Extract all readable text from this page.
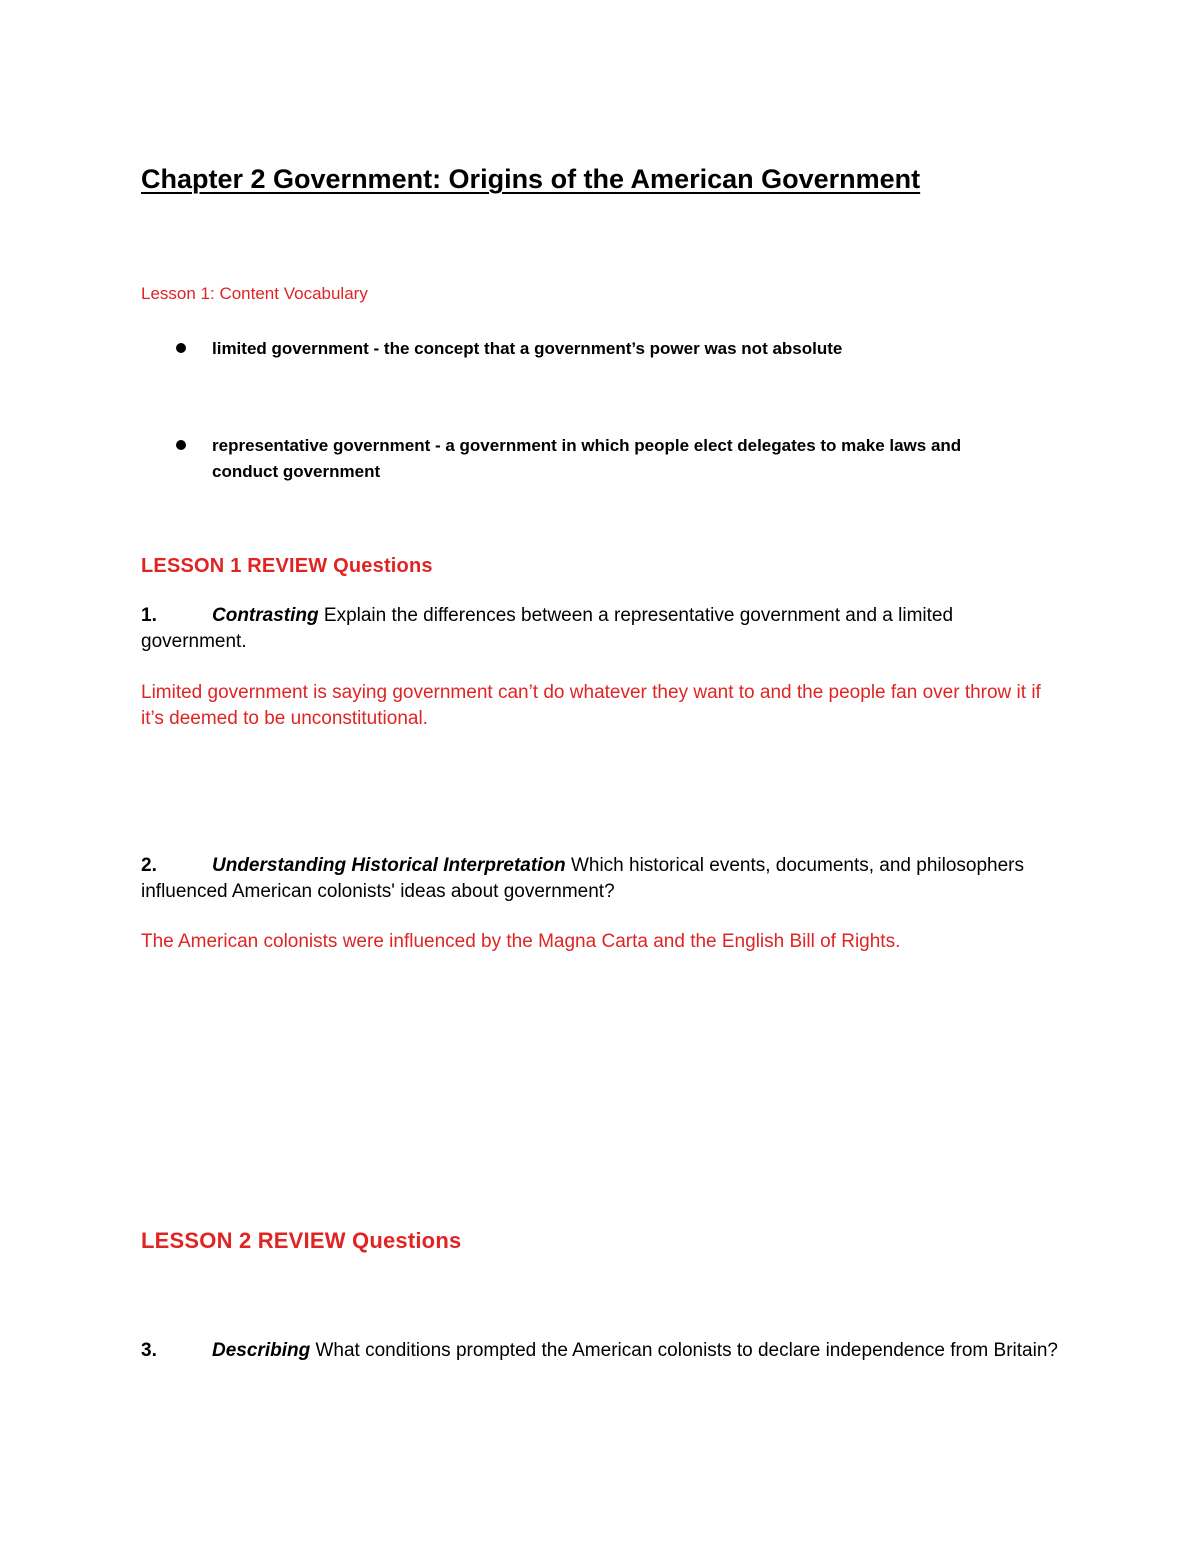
Chapter 2 Government: Origins of the American Government
Lesson 1: Content Vocabulary
limited government - the concept that a government’s power was not absolute
representative government - a government in which people elect delegates to make laws and conduct government
LESSON 1 REVIEW Questions
1.	Contrasting Explain the differences between a representative government and a limited government.
Limited government is saying government can’t do whatever they want to and the people fan over throw it if it’s deemed to be unconstitutional.
2.	Understanding Historical Interpretation Which historical events, documents, and philosophers influenced American colonists' ideas about government?
The American colonists were influenced by the Magna Carta and the English Bill of Rights.
LESSON 2 REVIEW Questions
3.	Describing What conditions prompted the American colonists to declare independence from Britain?
